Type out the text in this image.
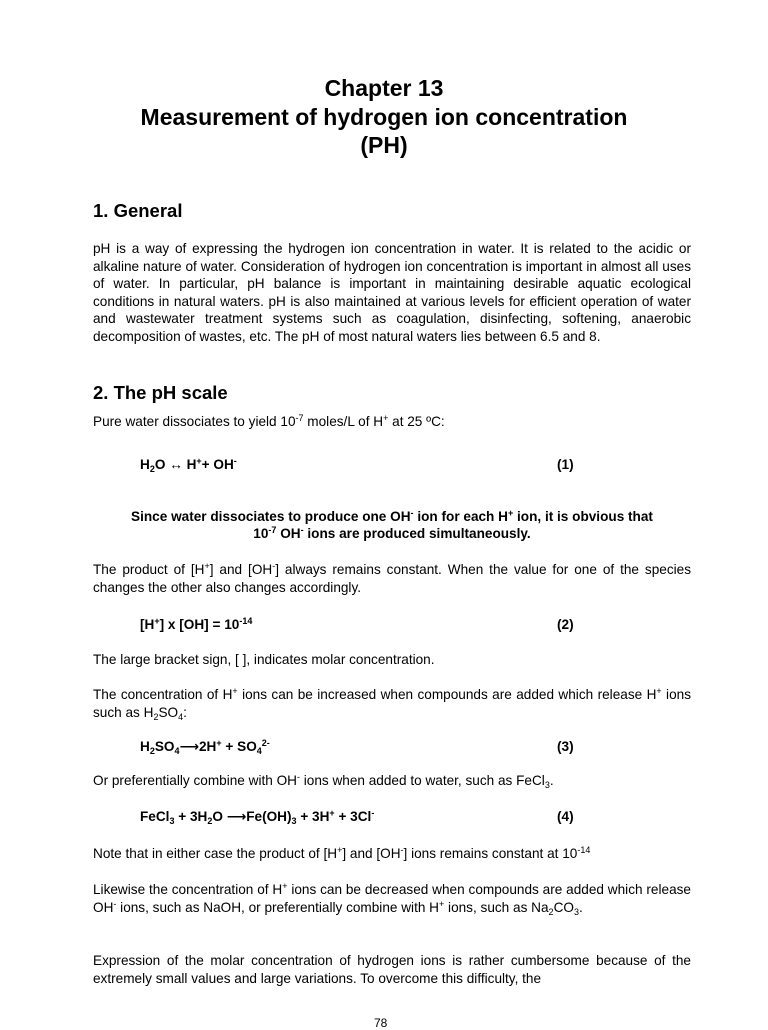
Chapter 13
Measurement of hydrogen ion concentration
(PH)
1. General
pH is a way of expressing the hydrogen ion concentration in water. It is related to the acidic or alkaline nature of water. Consideration of hydrogen ion concentration is important in almost all uses of water. In particular, pH balance is important in maintaining desirable aquatic ecological conditions in natural waters. pH is also maintained at various levels for efficient operation of water and wastewater treatment systems such as coagulation, disinfecting, softening, anaerobic decomposition of wastes, etc. The pH of most natural waters lies between 6.5 and 8.
2. The pH scale
Pure water dissociates to yield $10^{-7}$ moles/L of H+ at 25 ºC:
$H_2O$ ↔ H++ OH-	(1)
Since water dissociates to produce one OH- ion for each H+ ion, it is obvious that
$10^{-7}$ OH- ions are produced simultaneously.
The product of [H+] and [OH-] always remains constant. When the value for one of the species changes the other also changes accordingly.
[H+] x $[OH] = 10^{-14}$	(2)
The large bracket sign, [ ], indicates molar concentration.
The concentration of H+ ions can be increased when compounds are added which release H+ ions such as $H_2SO_4$:
$H_2SO_4⟶2H^+ + SO_4^{2-}$	(3)
Or preferentially combine with OH- ions when added to water, such as FeCl$_3$.
FeCl$_3$ + $3H_2O$ $⟶Fe(OH)_3 + 3H^+ + 3Cl^-$	(4)
Note that in either case the product of [H+] and [OH-] ions remains constant at $10^{-14}$
Likewise the concentration of H+ ions can be decreased when compounds are added which release OH- ions, such as NaOH, or preferentially combine with H+ ions, such as $Na_2CO_3$.
Expression of the molar concentration of hydrogen ions is rather cumbersome because of the extremely small values and large variations. To overcome this difficulty, the
78
